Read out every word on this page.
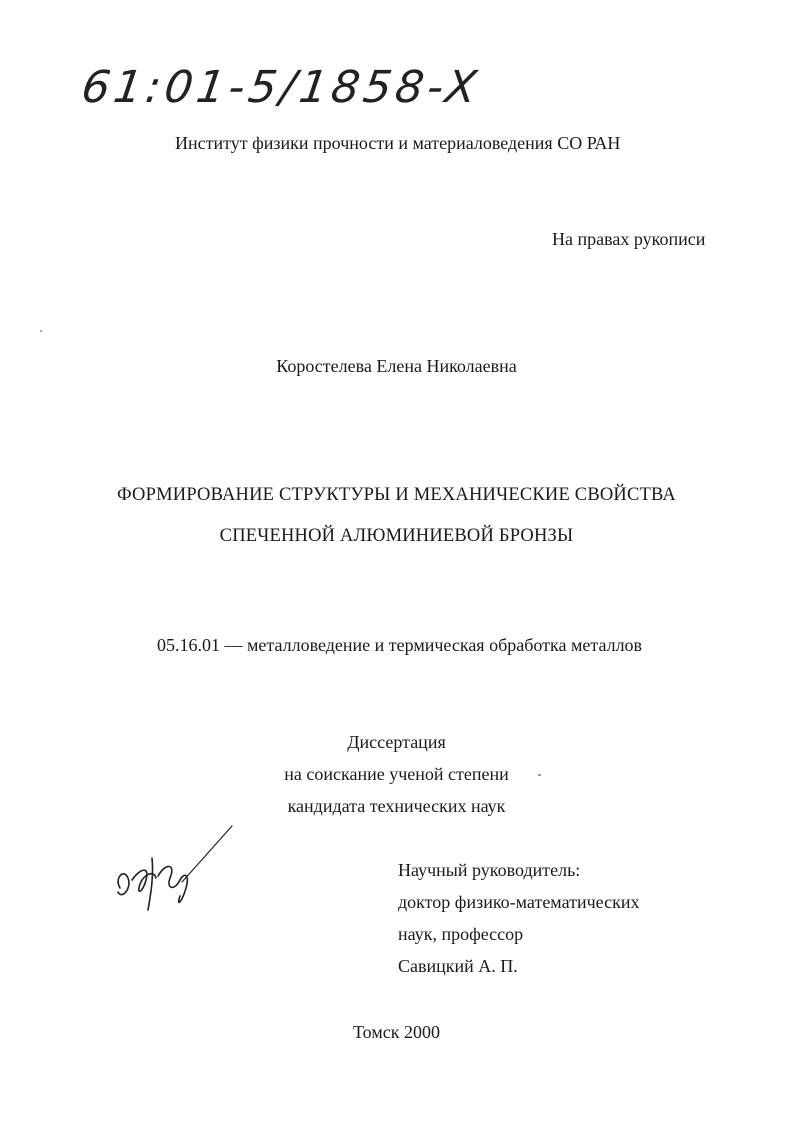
61:01-5/1858-X
Институт физики прочности и материаловедения СО РАН
На правах рукописи
Коростелева Елена Николаевна
ФОРМИРОВАНИЕ СТРУКТУРЫ И МЕХАНИЧЕСКИЕ СВОЙСТВА
СПЕЧЕННОЙ АЛЮМИНИЕВОЙ БРОНЗЫ
05.16.01 — металловедение и термическая обработка металлов
Диссертация
на соискание ученой степени
кандидата технических наук
Научный руководитель:
доктор физико-математических
наук, профессор
Савицкий А. П.
Томск 2000
